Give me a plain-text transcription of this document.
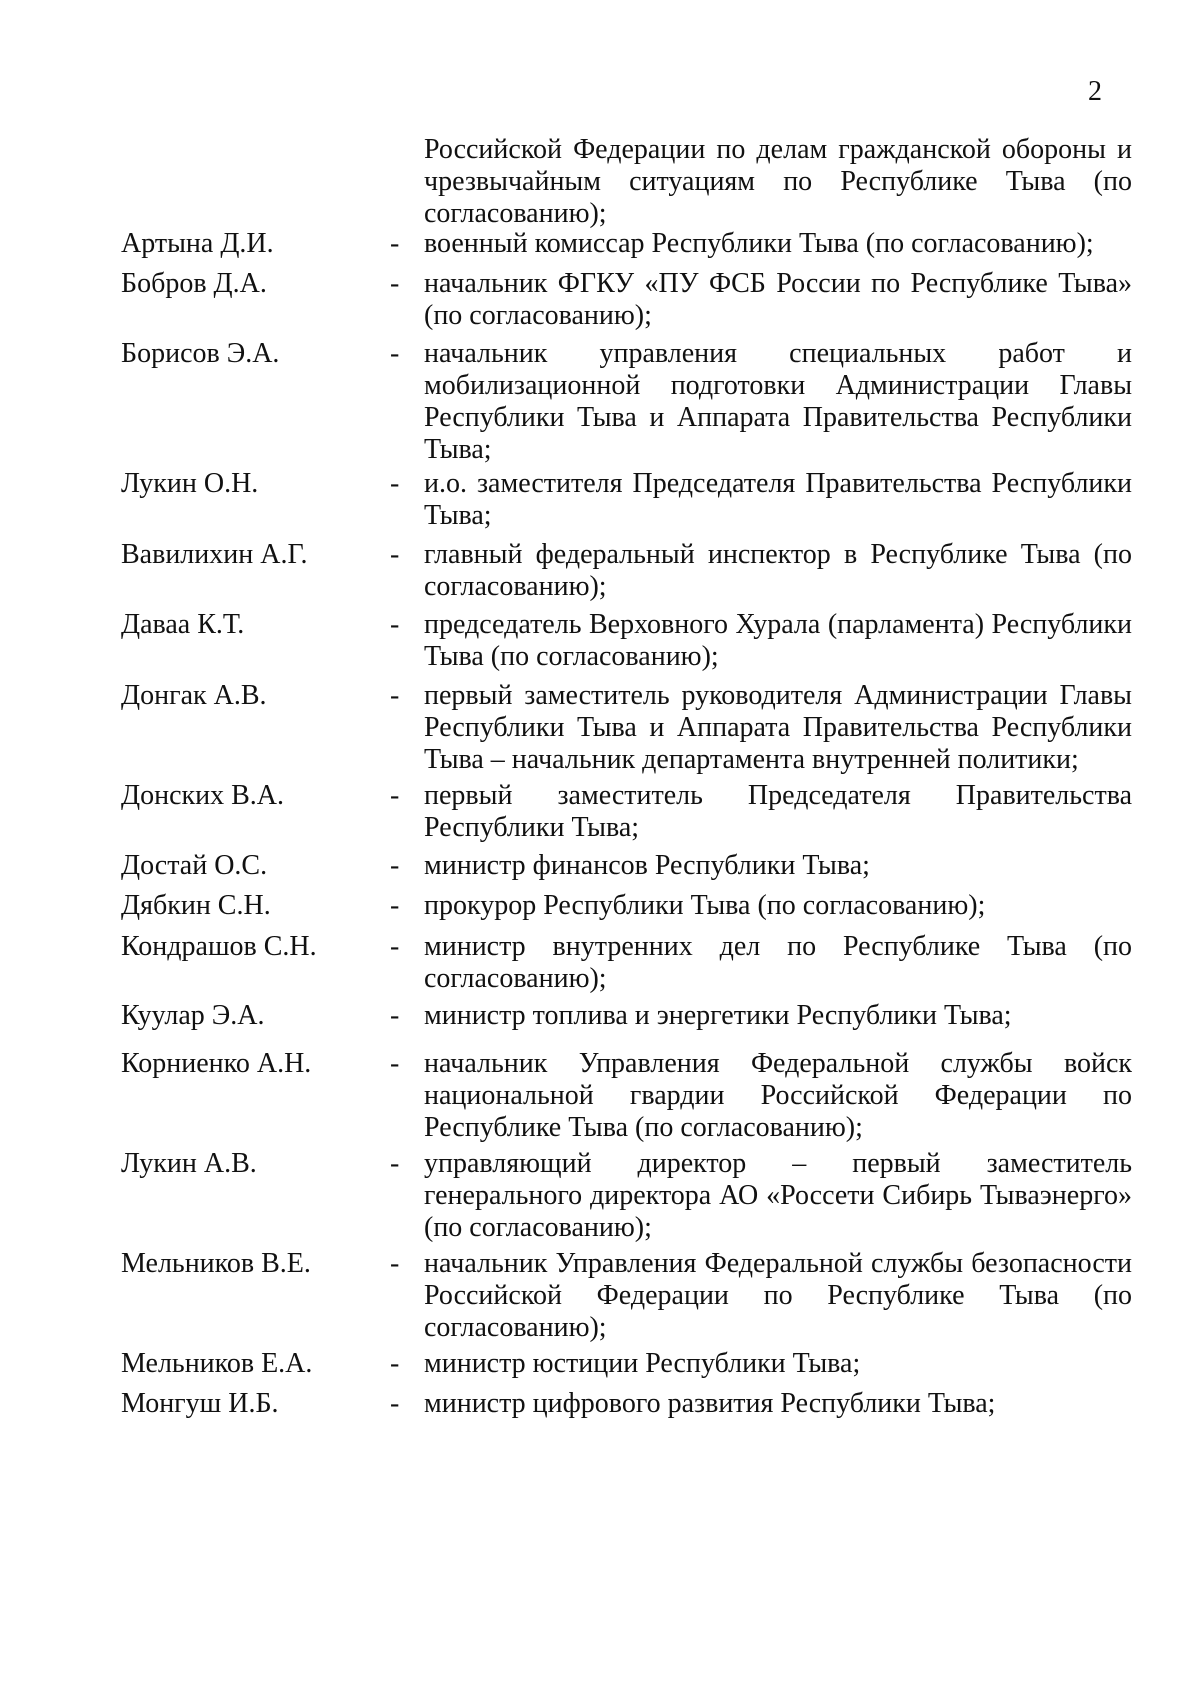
2
Российской Федерации по делам гражданской обороны и чрезвычайным ситуациям по Республике Тыва (по согласованию);
Артына Д.И.	- военный комиссар Республики Тыва (по согласованию);
Бобров Д.А.	- начальник ФГКУ «ПУ ФСБ России по Республике Тыва» (по согласованию);
Борисов Э.А.	- начальник управления специальных работ и мобилизационной подготовки Администрации Главы Республики Тыва и Аппарата Правительства Республики Тыва;
Лукин О.Н.	- и.о. заместителя Председателя Правительства Республики Тыва;
Вавилихин А.Г.	- главный федеральный инспектор в Республике Тыва (по согласованию);
Даваа К.Т.	- председатель Верховного Хурала (парламента) Республики Тыва (по согласованию);
Донгак А.В.	- первый заместитель руководителя Администрации Главы Республики Тыва и Аппарата Правительства Республики Тыва – начальник департамента внутренней политики;
Донских В.А.	- первый заместитель Председателя Правительства Республики Тыва;
Достай О.С.	- министр финансов Республики Тыва;
Дябкин С.Н.	- прокурор Республики Тыва (по согласованию);
Кондрашов С.Н.	- министр внутренних дел по Республике Тыва (по согласованию);
Куулар Э.А.	- министр топлива и энергетики Республики Тыва;
Корниенко А.Н.	- начальник Управления Федеральной службы войск национальной гвардии Российской Федерации по Республике Тыва (по согласованию);
Лукин А.В.	- управляющий директор – первый заместитель генерального директора АО «Россети Сибирь Тываэнерго» (по согласованию);
Мельников В.Е.	- начальник Управления Федеральной службы безопасности Российской Федерации по Республике Тыва (по согласованию);
Мельников Е.А.	- министр юстиции Республики Тыва;
Монгуш И.Б.	- министр цифрового развития Республики Тыва;
